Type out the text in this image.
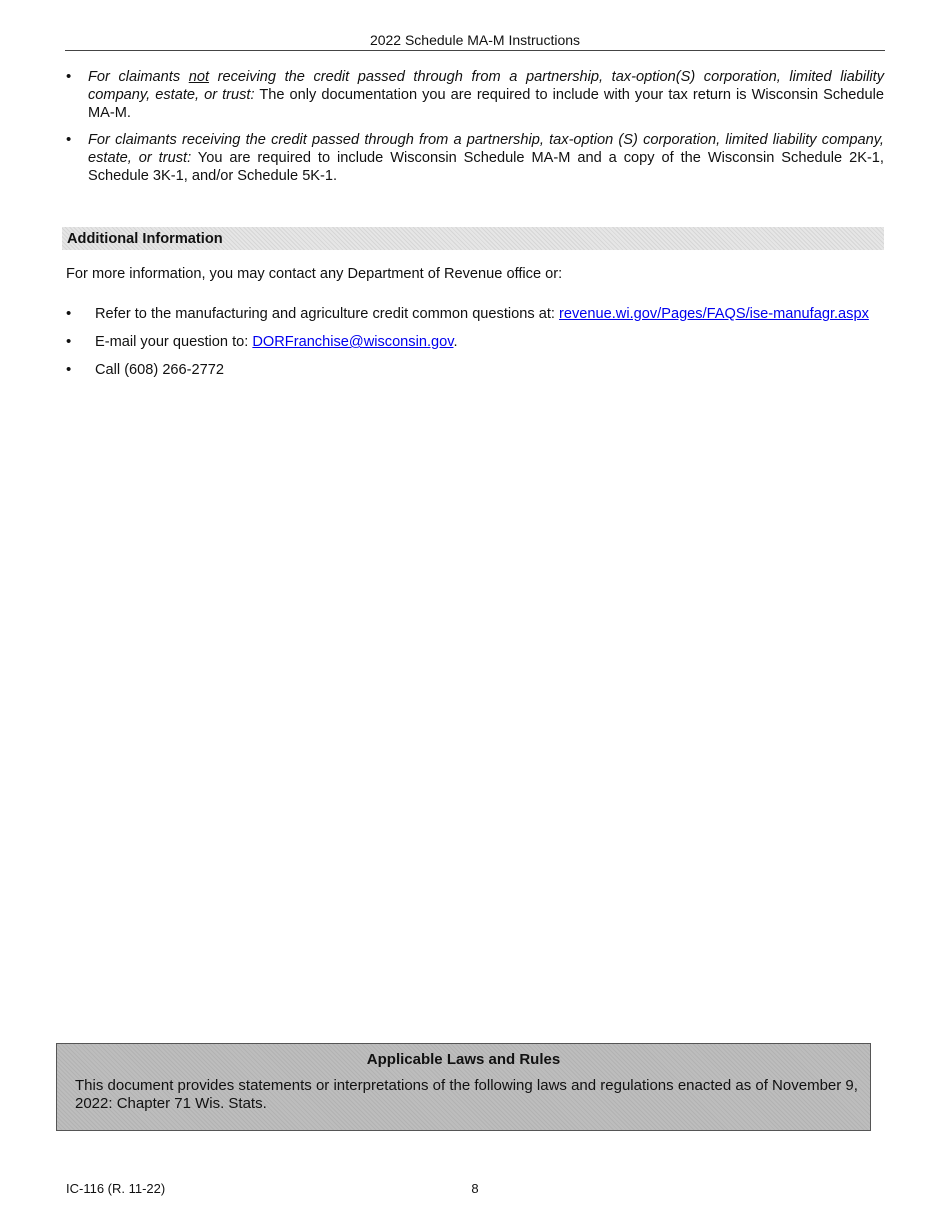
2022 Schedule MA-M Instructions
• For claimants not receiving the credit passed through from a partnership, tax-option(S) corporation, limited liability company, estate, or trust: The only documentation you are required to include with your tax return is Wisconsin Schedule MA-M.
• For claimants receiving the credit passed through from a partnership, tax-option (S) corporation, limited liability company, estate, or trust: You are required to include Wisconsin Schedule MA-M and a copy of the Wisconsin Schedule 2K-1, Schedule 3K-1, and/or Schedule 5K-1.
Additional Information
For more information, you may contact any Department of Revenue office or:
• Refer to the manufacturing and agriculture credit common questions at: revenue.wi.gov/Pages/FAQS/ise-manufagr.aspx
• E-mail your question to: DORFranchise@wisconsin.gov.
• Call (608) 266-2772
Applicable Laws and Rules
This document provides statements or interpretations of the following laws and regulations enacted as of November 9, 2022: Chapter 71 Wis. Stats.
IC-116 (R. 11-22)	8
